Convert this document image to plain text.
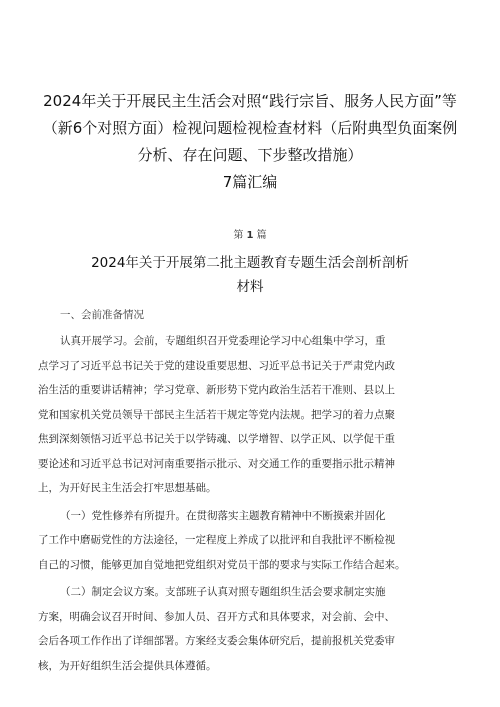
2024年关于开展民主生活会对照“践行宗旨、服务人民方面”等
（新6个对照方面）检视问题检视检查材料（后附典型负面案例
分析、存在问题、下步整改措施）
7篇汇编
第 1 篇
2024年关于开展第二批主题教育专题生活会剖析剖析
材料
一、会前准备情况
认真开展学习。会前，专题组织召开党委理论学习中心组集中学习，重
点学习了习近平总书记关于党的建设重要思想、习近平总书记关于严肃党内政
治生活的重要讲话精神；学习党章、新形势下党内政治生活若干准则、县以上
党和国家机关党员领导干部民主生活若干规定等党内法规。把学习的着力点聚
焦到深刻领悟习近平总书记关于以学铸魂、以学增智、以学正风、以学促干重
要论述和习近平总书记对河南重要指示批示、对交通工作的重要指示批示精神
上，为开好民主生活会打牢思想基础。
（一）党性修养有所提升。在贯彻落实主题教育精神中不断摸索并固化
了工作中磨砺党性的方法途径，一定程度上养成了以批评和自我批评不断检视
自己的习惯，能够更加自觉地把党组织对党员干部的要求与实际工作结合起来。
（二）制定会议方案。支部班子认真对照专题组织生活会要求制定实施
方案，明确会议召开时间、参加人员、召开方式和具体要求，对会前、会中、
会后各项工作作出了详细部署。方案经支委会集体研究后，提前报机关党委审
核，为开好组织生活会提供具体遵循。
